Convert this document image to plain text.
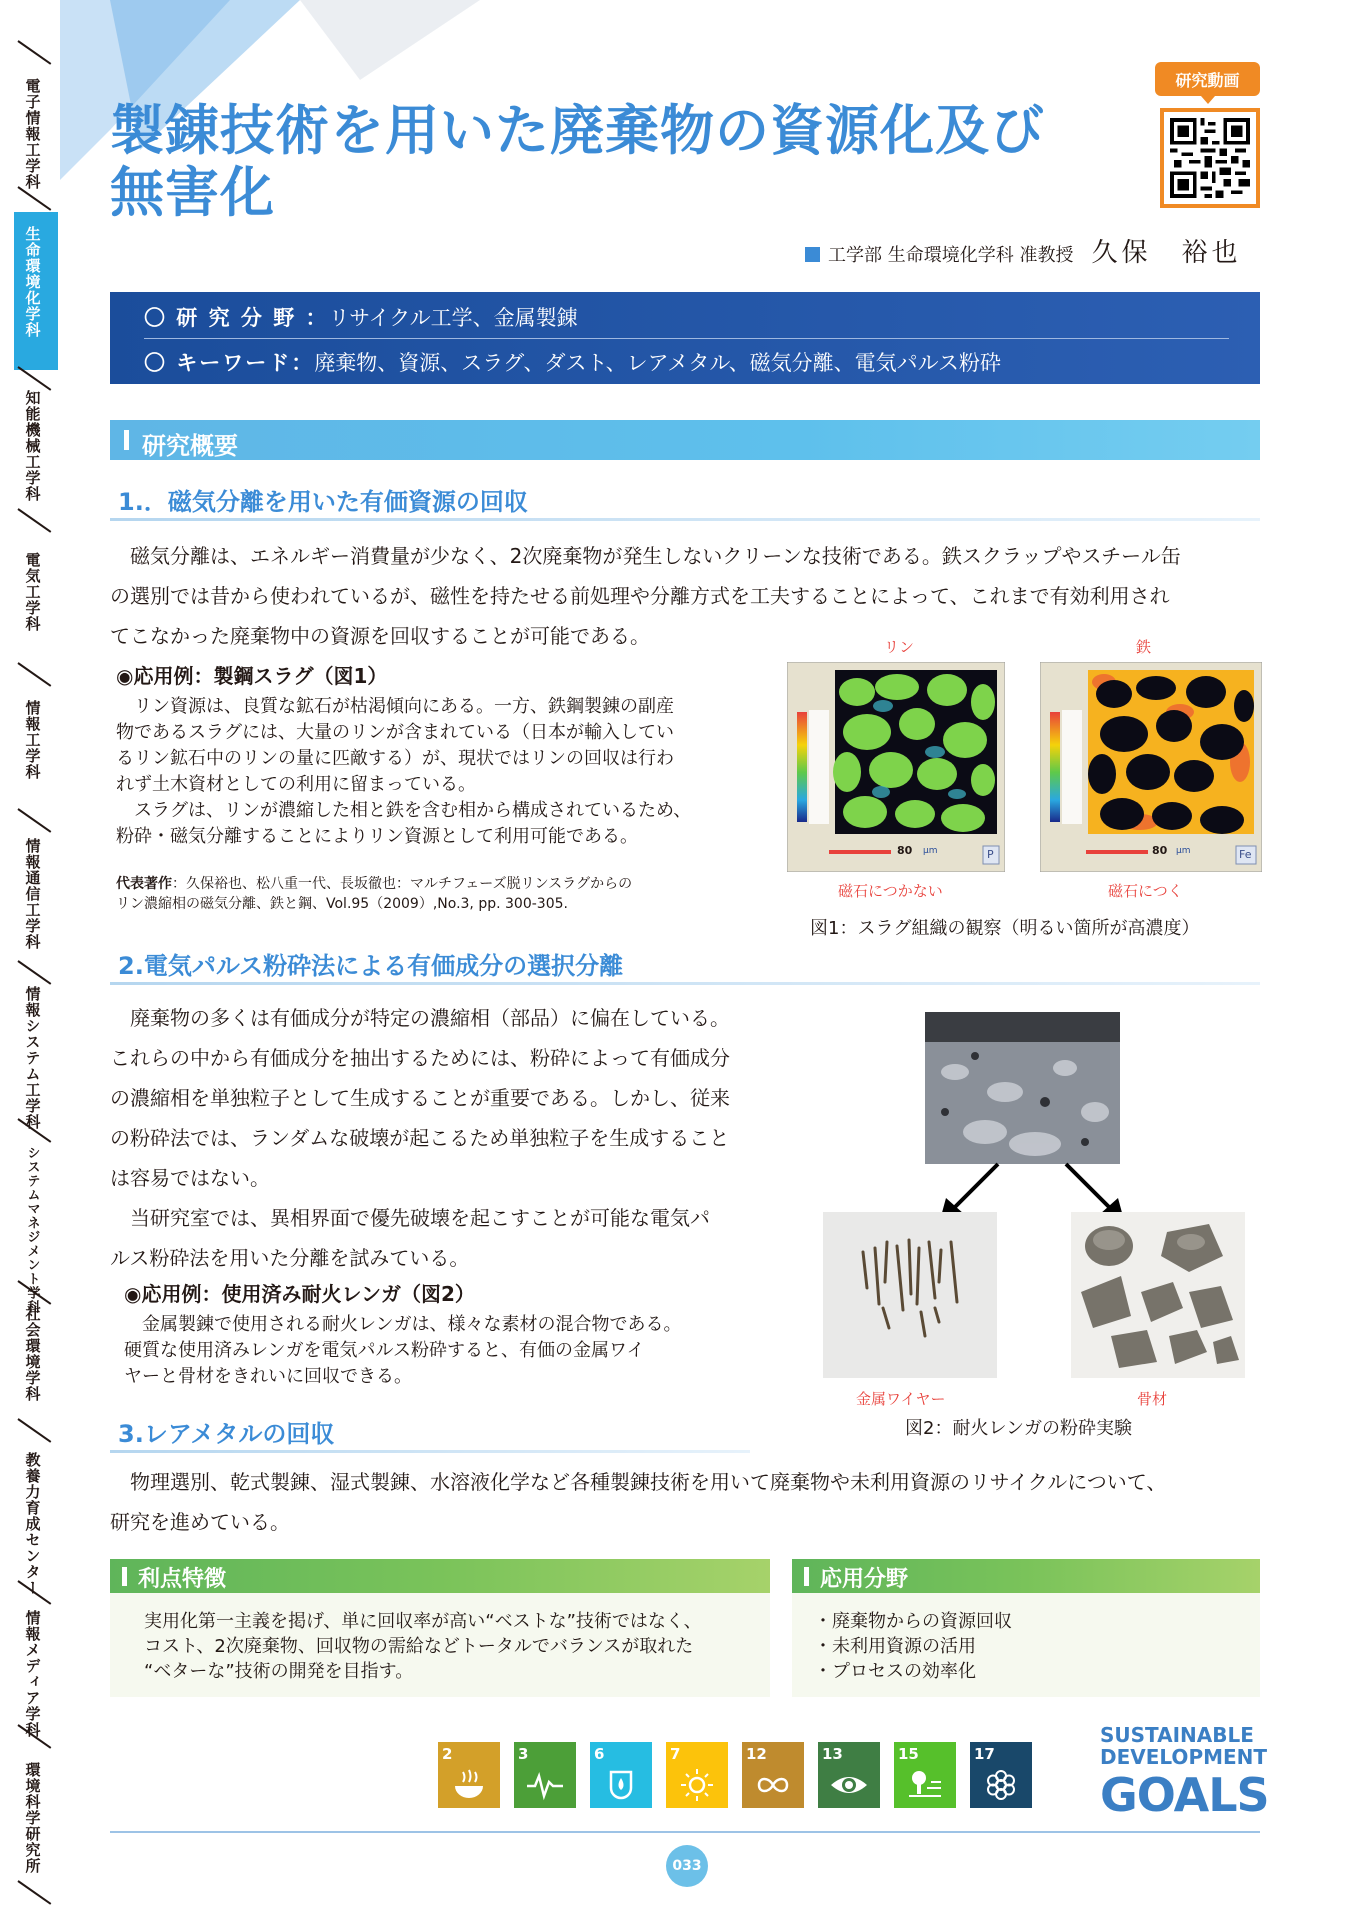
電子情報工学科
生命環境化学科
知能機械工学科
電気工学科
情報工学科
情報通信工学科
情報システム工学科
システムマネジメント学科
社会環境学科
教養力育成センター
情報メディア学科
環境科学研究所
製錬技術を用いた廃棄物の資源化及び
無害化
研究動画
工学部 生命環境化学科 准教授 久保　裕也
〇 研 究 分 野 ： リサイクル工学、金属製錬
〇 キーワード： 廃棄物、資源、スラグ、ダスト、レアメタル、磁気分離、電気パルス粉砕
研究概要
1.．磁気分離を用いた有価資源の回収
　磁気分離は、エネルギー消費量が少なく、2次廃棄物が発生しないクリーンな技術である。鉄スクラップやスチール缶
の選別では昔から使われているが、磁性を持たせる前処理や分離方式を工夫することによって、これまで有効利用され
てこなかった廃棄物中の資源を回収することが可能である。
◉応用例：製鋼スラグ（図1）
　リン資源は、良質な鉱石が枯渇傾向にある。一方、鉄鋼製錬の副産
物であるスラグには、大量のリンが含まれている（日本が輸入してい
るリン鉱石中のリンの量に匹敵する）が、現状ではリンの回収は行わ
れず土木資材としての利用に留まっている。
　スラグは、リンが濃縮した相と鉄を含む相から構成されているため、
粉砕・磁気分離することによりリン資源として利用可能である。
代表著作：久保裕也、松八重一代、長坂徹也：マルチフェーズ脱リンスラグからの
リン濃縮相の磁気分離、鉄と鋼、Vol.95（2009）,No.3, pp. 300-305.
リン	鉄
80 μm	P	80 μm	Fe
磁石につかない	磁石につく
図1：スラグ組織の観察（明るい箇所が高濃度）
2.電気パルス粉砕法による有価成分の選択分離
　廃棄物の多くは有価成分が特定の濃縮相（部品）に偏在している。
これらの中から有価成分を抽出するためには、粉砕によって有価成分
の濃縮相を単独粒子として生成することが重要である。しかし、従来
の粉砕法では、ランダムな破壊が起こるため単独粒子を生成すること
は容易ではない。
　当研究室では、異相界面で優先破壊を起こすことが可能な電気パ
ルス粉砕法を用いた分離を試みている。
◉応用例：使用済み耐火レンガ（図2）
　金属製錬で使用される耐火レンガは、様々な素材の混合物である。
硬質な使用済みレンガを電気パルス粉砕すると、有価の金属ワイ
ヤーと骨材をきれいに回収できる。
金属ワイヤー	骨材
図2：耐火レンガの粉砕実験
3.レアメタルの回収
　物理選別、乾式製錬、湿式製錬、水溶液化学など各種製錬技術を用いて廃棄物や未利用資源のリサイクルについて、
研究を進めている。
利点特徴
実用化第一主義を掲げ、単に回収率が高い“ベストな”技術ではなく、
コスト、2次廃棄物、回収物の需給などトータルでバランスが取れた
“ベターな”技術の開発を目指す。
応用分野
・廃棄物からの資源回収
・未利用資源の活用
・プロセスの効率化
2	3	6	7	12	13	15	17
SUSTAINABLE
DEVELOPMENT
GOALS
033
